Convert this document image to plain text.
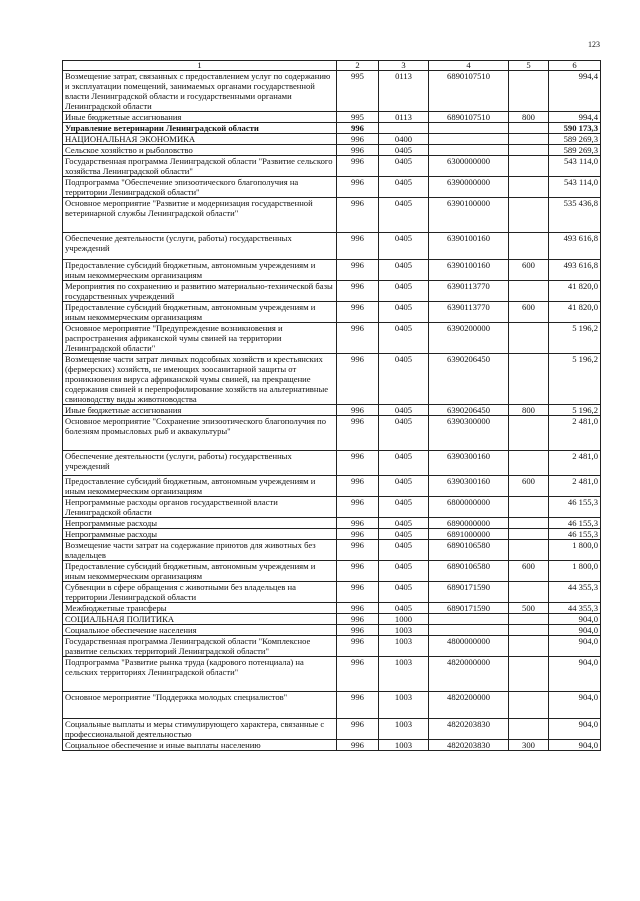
123
1	2	3	4	5	6
Возмещение затрат, связанных с предоставлением услуг по содержанию и эксплуатации помещений, занимаемых органами государственной власти Ленинградской области и государственными органами Ленинградской области	995	0113	6890107510		994,4
Иные бюджетные ассигнования	995	0113	6890107510	800	994,4
Управление ветеринарии Ленинградской области	996				590 173,3
НАЦИОНАЛЬНАЯ ЭКОНОМИКА	996	0400			589 269,3
Сельское хозяйство и рыболовство	996	0405			589 269,3
Государственная программа Ленинградской области "Развитие сельского хозяйства Ленинградской области"	996	0405	6300000000		543 114,0
Подпрограмма "Обеспечение эпизоотического благополучия на территории Ленинградской области"	996	0405	6390000000		543 114,0
Основное мероприятие "Развитие и модернизация государственной ветеринарной службы Ленинградской области"	996	0405	6390100000		535 436,8
Обеспечение деятельности (услуги, работы) государственных учреждений	996	0405	6390100160		493 616,8
Предоставление субсидий бюджетным, автономным учреждениям и иным некоммерческим организациям	996	0405	6390100160	600	493 616,8
Мероприятия по сохранению и развитию материально-технической базы государственных учреждений	996	0405	6390113770		41 820,0
Предоставление субсидий бюджетным, автономным учреждениям и иным некоммерческим организациям	996	0405	6390113770	600	41 820,0
Основное мероприятие "Предупреждение возникновения и распространения африканской чумы свиней на территории Ленинградской области"	996	0405	6390200000		5 196,2
Возмещение части затрат личных подсобных хозяйств и крестьянских (фермерских) хозяйств, не имеющих зоосанитарной защиты от проникновения вируса африканской чумы свиней, на прекращение содержания свиней и перепрофилирование хозяйств на альтернативные свиноводству виды животноводства	996	0405	6390206450		5 196,2
Иные бюджетные ассигнования	996	0405	6390206450	800	5 196,2
Основное мероприятие "Сохранение эпизоотического благополучия по болезням промысловых рыб и аквакультуры"	996	0405	6390300000		2 481,0
Обеспечение деятельности (услуги, работы) государственных учреждений	996	0405	6390300160		2 481,0
Предоставление субсидий бюджетным, автономным учреждениям и иным некоммерческим организациям	996	0405	6390300160	600	2 481,0
Непрограммные расходы органов государственной власти Ленинградской области	996	0405	6800000000		46 155,3
Непрограммные расходы	996	0405	6890000000		46 155,3
Непрограммные расходы	996	0405	6891000000		46 155,3
Возмещение части затрат на содержание приютов для животных без владельцев	996	0405	6890106580		1 800,0
Предоставление субсидий бюджетным, автономным учреждениям и иным некоммерческим организациям	996	0405	6890106580	600	1 800,0
Субвенции в сфере обращения с животными без владельцев на территории Ленинградской области	996	0405	6890171590		44 355,3
Межбюджетные трансферы	996	0405	6890171590	500	44 355,3
СОЦИАЛЬНАЯ ПОЛИТИКА	996	1000			904,0
Социальное обеспечение населения	996	1003			904,0
Государственная программа Ленинградской области "Комплексное развитие сельских территорий Ленинградской области"	996	1003	4800000000		904,0
Подпрограмма "Развитие рынка труда (кадрового потенциала) на сельских территориях Ленинградской области"	996	1003	4820000000		904,0
Основное мероприятие "Поддержка молодых специалистов"	996	1003	4820200000		904,0
Социальные выплаты и меры стимулирующего характера, связанные с профессиональной деятельностью	996	1003	4820203830		904,0
Социальное обеспечение и иные выплаты населению	996	1003	4820203830	300	904,0
